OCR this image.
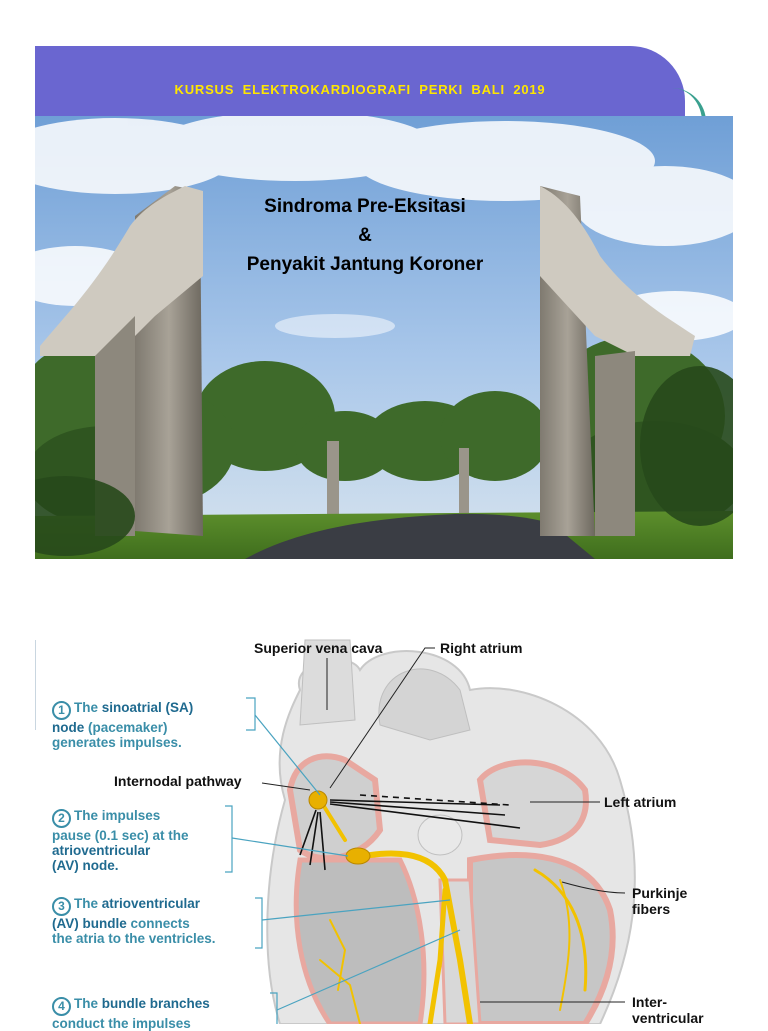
KURSUS ELEKTROKARDIOGRAFI PERKI BALI 2019
Sindroma Pre-Eksitasi
&
Penyakit Jantung Koroner
Superior vena cava	Right atrium
Internodal pathway
Left atrium
Purkinje
fibers
Inter-
ventricular
1 The sinoatrial (SA)
node (pacemaker)
generates impulses.
2 The impulses
pause (0.1 sec) at the
atrioventricular
(AV) node.
3 The atrioventricular
(AV) bundle connects
the atria to the ventricles.
4 The bundle branches
conduct the impulses
